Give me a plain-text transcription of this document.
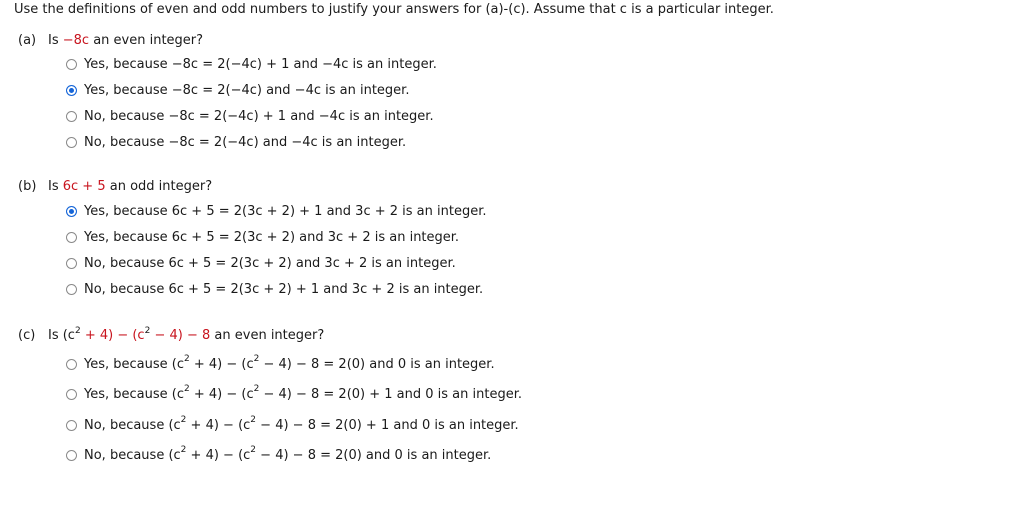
Use the definitions of even and odd numbers to justify your answers for (a)-(c). Assume that c is a particular integer.
(a) Is −8c an even integer?
Yes, because −8c = 2(−4c) + 1 and −4c is an integer.
Yes, because −8c = 2(−4c) and −4c is an integer.
No, because −8c = 2(−4c) + 1 and −4c is an integer.
No, because −8c = 2(−4c) and −4c is an integer.
(b) Is 6c + 5 an odd integer?
Yes, because 6c + 5 = 2(3c + 2) + 1 and 3c + 2 is an integer.
Yes, because 6c + 5 = 2(3c + 2) and 3c + 2 is an integer.
No, because 6c + 5 = 2(3c + 2) and 3c + 2 is an integer.
No, because 6c + 5 = 2(3c + 2) + 1 and 3c + 2 is an integer.
(c) Is $(c^2 + 4) - (c^2 - 4) - 8$ an even integer?
Yes, because $(c^2 + 4) - (c^2 - 4) - 8 = 2(0)$ and 0 is an integer.
Yes, because $(c^2 + 4) - (c^2 - 4) - 8 = 2(0) + 1$ and 0 is an integer.
No, because $(c^2 + 4) - (c^2 - 4) - 8 = 2(0) + 1$ and 0 is an integer.
No, because $(c^2 + 4) - (c^2 - 4) - 8 = 2(0)$ and 0 is an integer.
